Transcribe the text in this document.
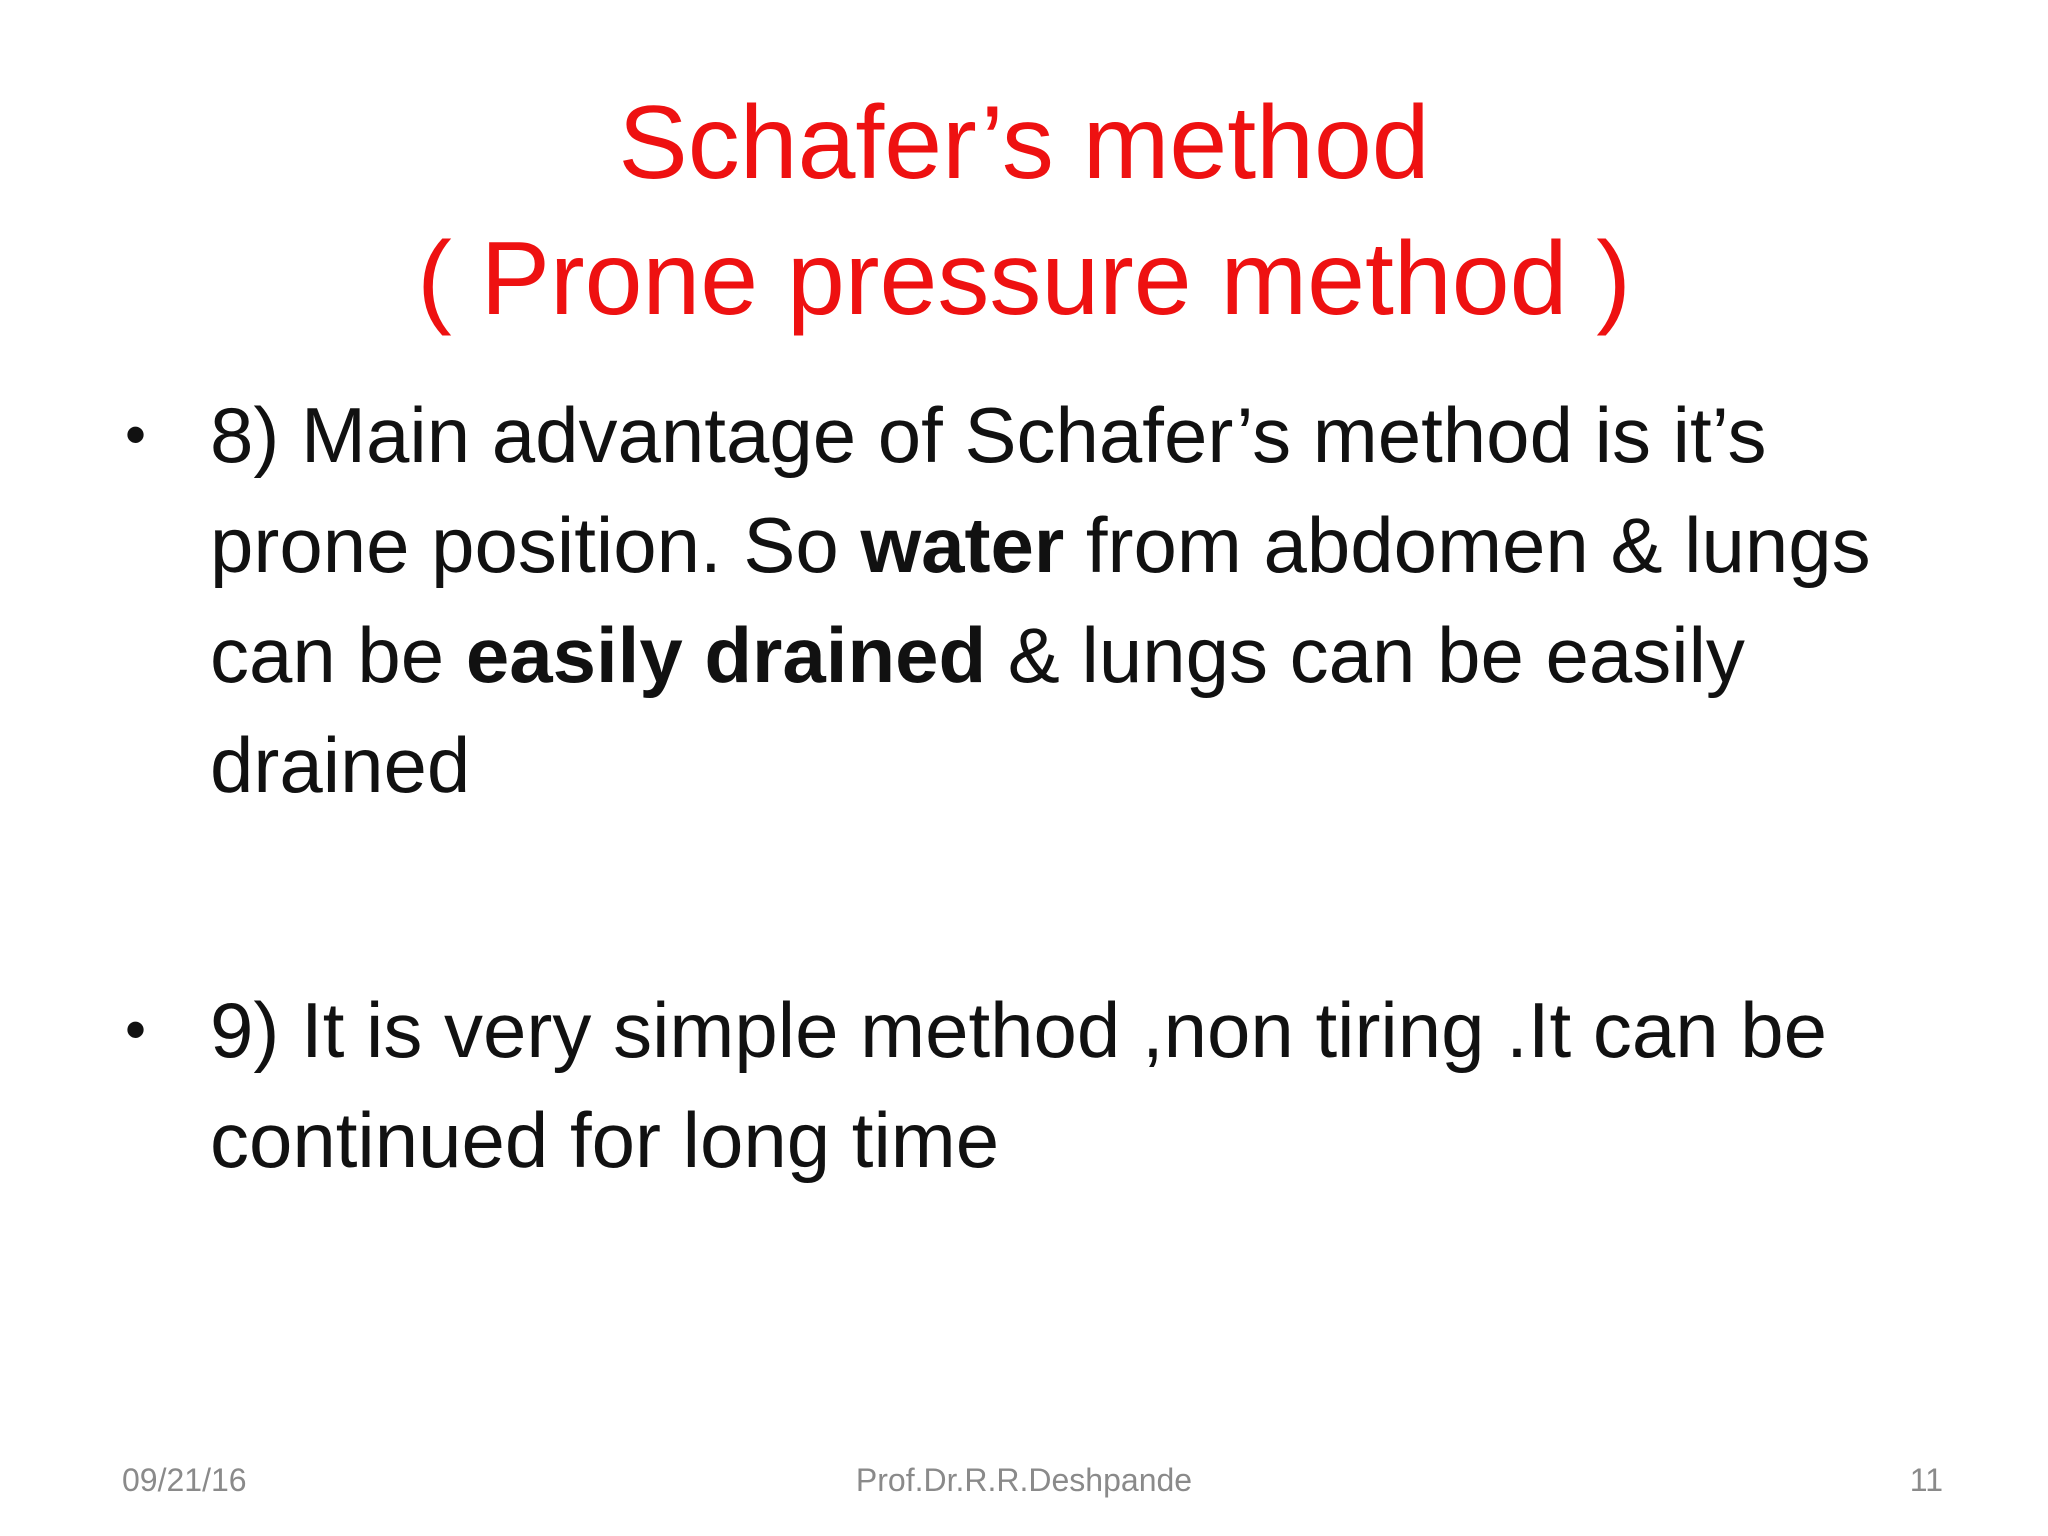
Schafer’s method
( Prone pressure method )
• 8) Main advantage of Schafer’s method is it’s prone position. So water from abdomen & lungs can be easily drained & lungs can be easily drained
• 9) It is very simple method ,non tiring .It can be continued for long time
09/21/16	Prof.Dr.R.R.Deshpande	11
